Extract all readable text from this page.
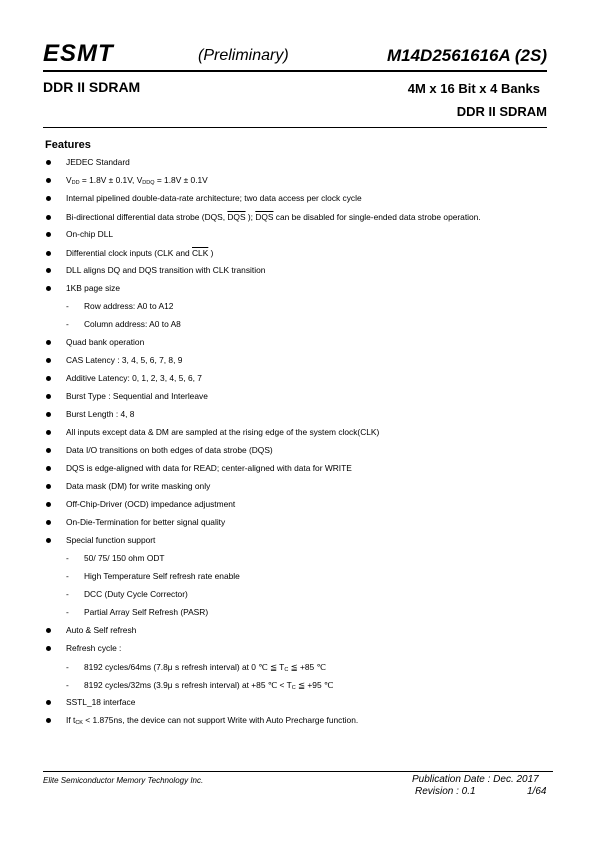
ESMT	(Preliminary)	M14D2561616A (2S)
DDR II SDRAM	4M x 16 Bit x 4 Banks
DDR II SDRAM
Features
JEDEC Standard
VDD = 1.8V ± 0.1V, VDDQ = 1.8V ± 0.1V
Internal pipelined double-data-rate architecture; two data access per clock cycle
Bi-directional differential data strobe (DQS, $\overline{DQS}$ ); $\overline{DQS}$ can be disabled for single-ended data strobe operation.
On-chip DLL
Differential clock inputs (CLK and $\overline{CLK}$ )
DLL aligns DQ and DQS transition with CLK transition
1KB page size
- Row address: A0 to A12
- Column address: A0 to A8
Quad bank operation
CAS Latency : 3, 4, 5, 6, 7, 8, 9
Additive Latency: 0, 1, 2, 3, 4, 5, 6, 7
Burst Type : Sequential and Interleave
Burst Length : 4, 8
All inputs except data & DM are sampled at the rising edge of the system clock(CLK)
Data I/O transitions on both edges of data strobe (DQS)
DQS is edge-aligned with data for READ; center-aligned with data for WRITE
Data mask (DM) for write masking only
Off-Chip-Driver (OCD) impedance adjustment
On-Die-Termination for better signal quality
Special function support
- 50/ 75/ 150 ohm ODT
- High Temperature Self refresh rate enable
- DCC (Duty Cycle Corrector)
- Partial Array Self Refresh (PASR)
Auto & Self refresh
Refresh cycle :
- 8192 cycles/64ms (7.8μ s refresh interval) at 0 ℃ ≦ TC ≦ +85 ℃
- 8192 cycles/32ms (3.9μ s refresh interval) at +85 ℃ < TC ≦ +95 ℃
SSTL_18 interface
If tCK < 1.875ns, the device can not support Write with Auto Precharge function.
Elite Semiconductor Memory Technology Inc.	Publication Date : Dec. 2017
Revision : 0.1	1/64
